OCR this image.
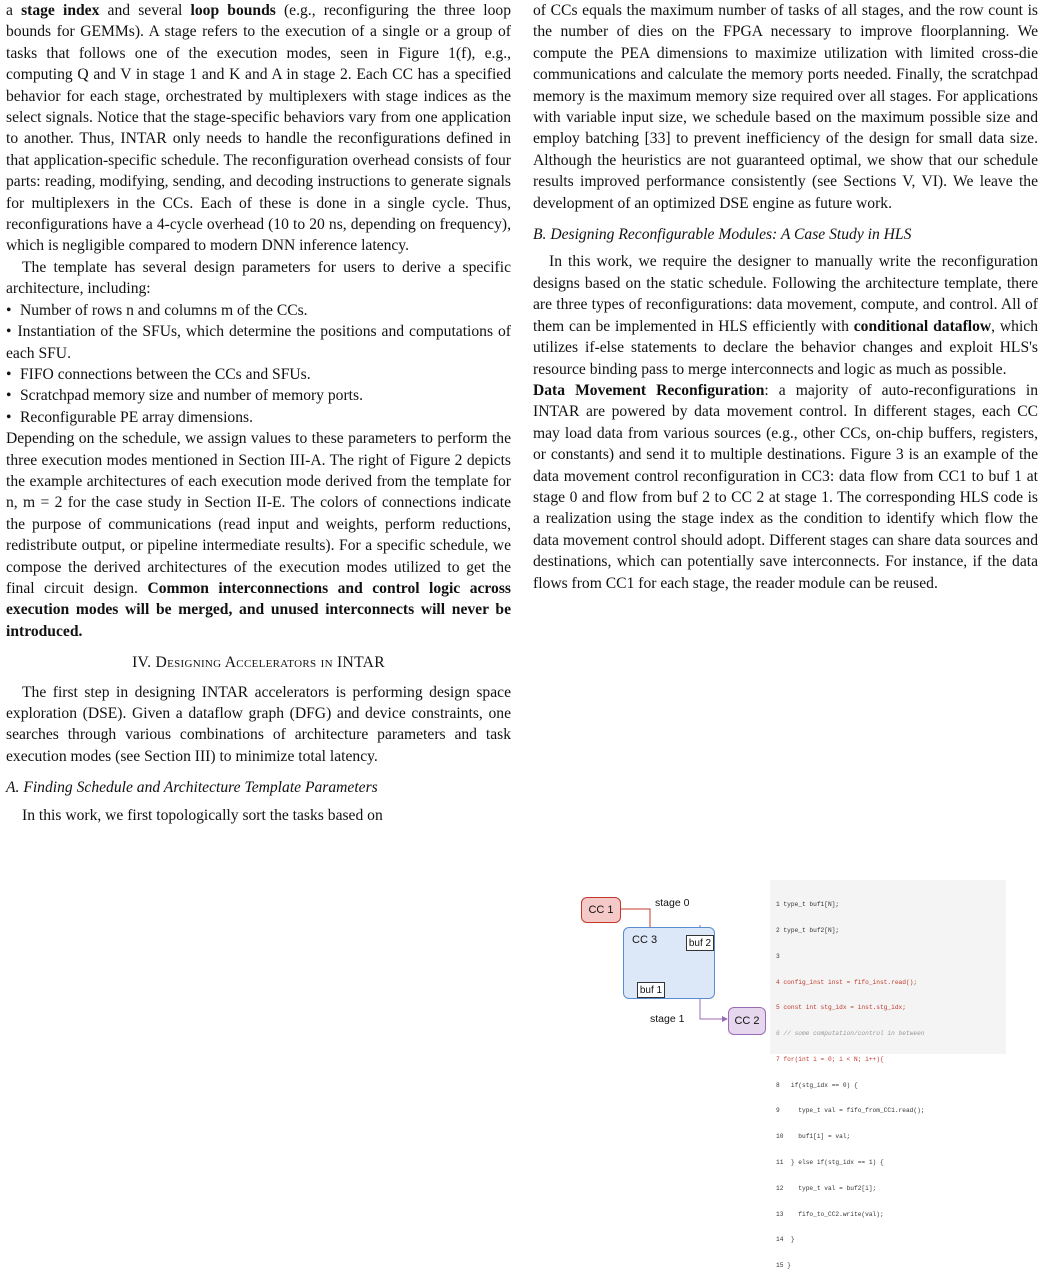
a stage index and several loop bounds (e.g., reconfiguring the three loop bounds for GEMMs). A stage refers to the execution of a single or a group of tasks that follows one of the execution modes, seen in Figure 1(f), e.g., computing Q and V in stage 1 and K and A in stage 2. Each CC has a specified behavior for each stage, orchestrated by multiplexers with stage indices as the select signals. Notice that the stage-specific behaviors vary from one application to another. Thus, INTAR only needs to handle the reconfigurations defined in that application-specific schedule. The reconfiguration overhead consists of four parts: reading, modifying, sending, and decoding instructions to generate signals for multiplexers in the CCs. Each of these is done in a single cycle. Thus, reconfigurations have a 4-cycle overhead (10 to 20 ns, depending on frequency), which is negligible compared to modern DNN inference latency.

The template has several design parameters for users to derive a specific architecture, including:

• Number of rows n and columns m of the CCs.
• Instantiation of the SFUs, which determine the positions and computations of each SFU.
• FIFO connections between the CCs and SFUs.
• Scratchpad memory size and number of memory ports.
• Reconfigurable PE array dimensions.

Depending on the schedule, we assign values to these parameters to perform the three execution modes mentioned in Section III-A. The right of Figure 2 depicts the example architectures of each execution mode derived from the template for n, m = 2 for the case study in Section II-E. The colors of connections indicate the purpose of communications (read input and weights, perform reductions, redistribute output, or pipeline intermediate results). For a specific schedule, we compose the derived architectures of the execution modes utilized to get the final circuit design. Common interconnections and control logic across execution modes will be merged, and unused interconnects will never be introduced.

IV. Designing Accelerators in INTAR

The first step in designing INTAR accelerators is performing design space exploration (DSE). Given a dataflow graph (DFG) and device constraints, one searches through various combinations of architecture parameters and task execution modes (see Section III) to minimize total latency.

A. Finding Schedule and Architecture Template Parameters

In this work, we first topologically sort the tasks based on

of CCs equals the maximum number of tasks of all stages, and the row count is the number of dies on the FPGA necessary to improve floorplanning. We compute the PEA dimensions to maximize utilization with limited cross-die communications and calculate the memory ports needed. Finally, the scratchpad memory is the maximum memory size required over all stages. For applications with variable input size, we schedule based on the maximum possible size and employ batching [33] to prevent inefficiency of the design for small data size. Although the heuristics are not guaranteed optimal, we show that our schedule results improved performance consistently (see Sections V, VI). We leave the development of an optimized DSE engine as future work.

B. Designing Reconfigurable Modules: A Case Study in HLS

In this work, we require the designer to manually write the reconfiguration designs based on the static schedule. Following the architecture template, there are three types of reconfigurations: data movement, compute, and control. All of them can be implemented in HLS efficiently with conditional dataflow, which utilizes if-else statements to declare the behavior changes and exploit HLS's resource binding pass to merge interconnects and logic as much as possible.

Data Movement Reconfiguration: a majority of auto-reconfigurations in INTAR are powered by data movement control. In different stages, each CC may load data from various sources (e.g., other CCs, on-chip buffers, registers, or constants) and send it to multiple destinations. Figure 3 is an example of the data movement control reconfiguration in CC3: data flow from CC1 to buf 1 at stage 0 and flow from buf 2 to CC 2 at stage 1. The corresponding HLS code is a realization using the stage index as the condition to identify which flow the data movement control should adopt. Different stages can share data sources and destinations, which can potentially save interconnects. For instance, if the data flows from CC1 for each stage, the reader module can be reused.

CC 1
CC 3
buf 1
buf 2
CC 2
stage 0
stage 1

1 type_t buf1[N];

2 type_t buf2[N];

3

4 config_inst inst = fifo_inst.read();

5 const int stg_idx = inst.stg_idx;

6 // some computation/control in between

7 for(int i = 0; i < N; i++){

8   if(stg_idx == 0) {

9     type_t val = fifo_from_CC1.read();

10    buf1[i] = val;

11  } else if(stg_idx == 1) {

12    type_t val = buf2[i];

13    fifo_to_CC2.write(val);

14  }

15 }
